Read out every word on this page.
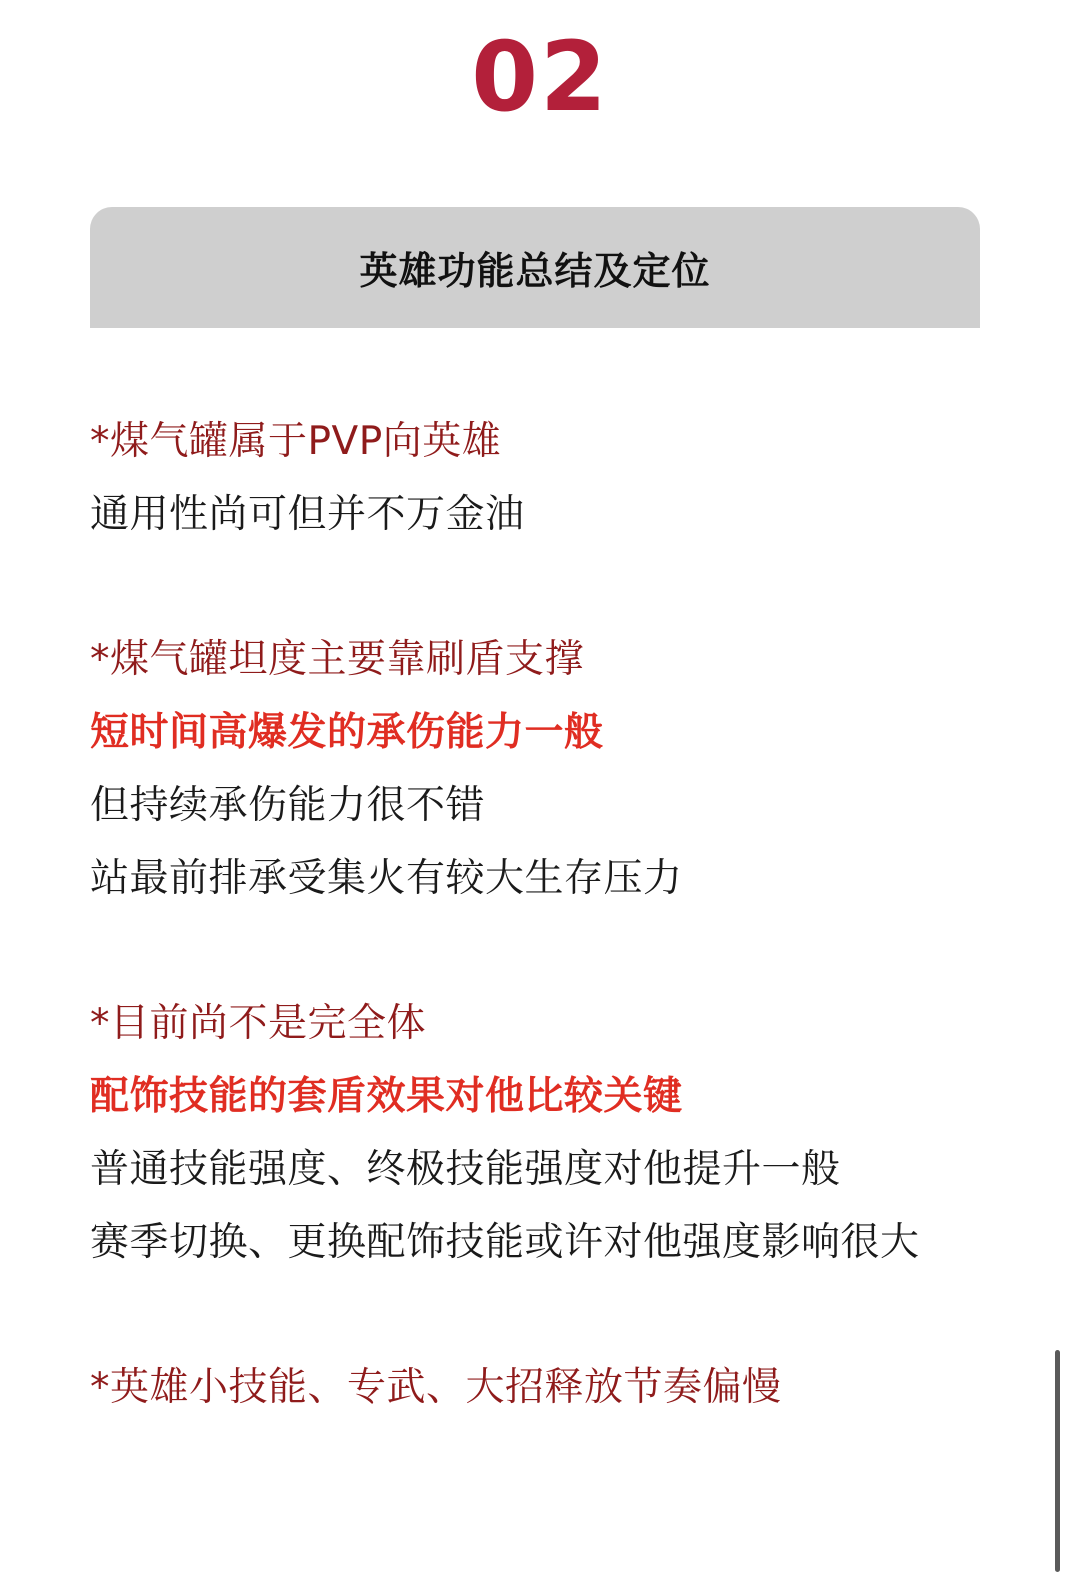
02
英雄功能总结及定位
*煤气罐属于PVP向英雄
通用性尚可但并不万金油
*煤气罐坦度主要靠刷盾支撑
短时间高爆发的承伤能力一般
但持续承伤能力很不错
站最前排承受集火有较大生存压力
*目前尚不是完全体
配饰技能的套盾效果对他比较关键
普通技能强度、终极技能强度对他提升一般
赛季切换、更换配饰技能或许对他强度影响很大
*英雄小技能、专武、大招释放节奏偏慢
